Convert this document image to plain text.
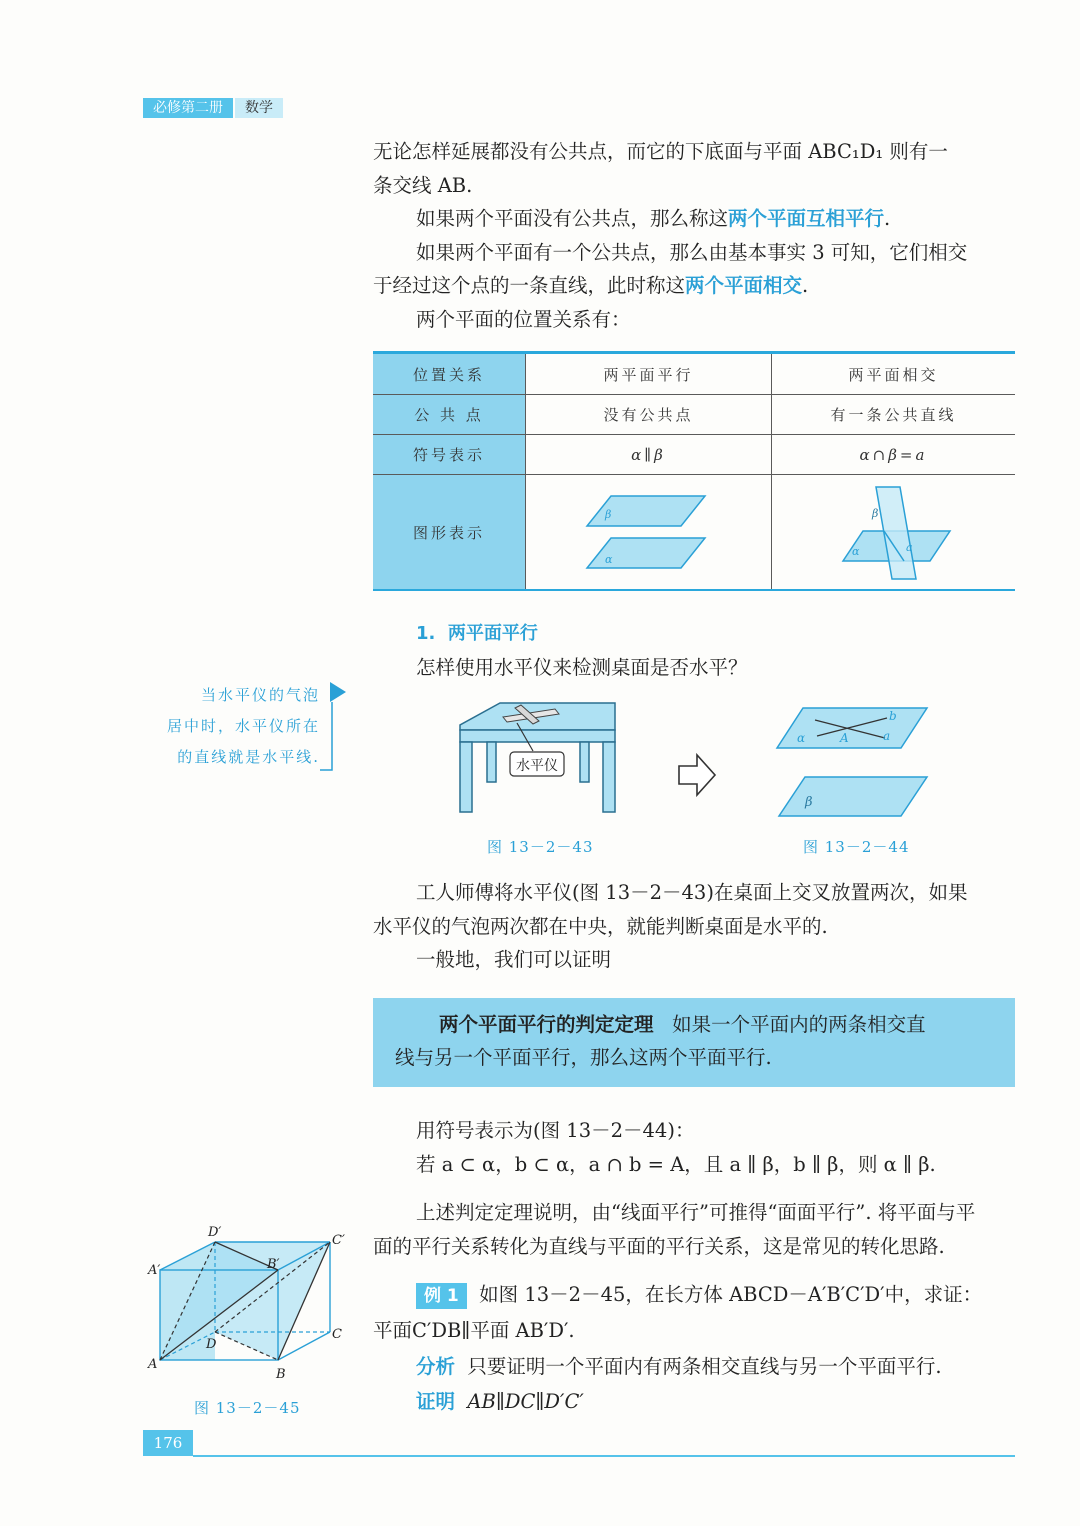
必修第二册	数学
无论怎样延展都没有公共点，而它的下底面与平面 ABC₁D₁ 则有一
条交线 AB.
如果两个平面没有公共点，那么称这两个平面互相平行.
如果两个平面有一个公共点，那么由基本事实 3 可知，它们相交
于经过这个点的一条直线，此时称这两个平面相交.
两个平面的位置关系有：
位置关系	两平面平行	两平面相交
公 共 点	没有公共点	有一条公共直线
符号表示	α∥β	α∩β=a
图形表示
β
α
β
α	a
1. 两平面平行
怎样使用水平仪来检测桌面是否水平？
当水平仪的气泡
居中时，水平仪所在
的直线就是水平线.	水平仪
α	A
b
a
β
图 13－2－43	图 13－2－44
工人师傅将水平仪(图 13－2－43)在桌面上交叉放置两次，如果
水平仪的气泡两次都在中央，就能判断桌面是水平的.
一般地，我们可以证明
两个平面平行的判定定理 如果一个平面内的两条相交直
线与另一个平面平行，那么这两个平面平行.
用符号表示为(图 13－2－44)：
若 a ⊂ α，b ⊂ α，a ∩ b = A，且 a ∥ β，b ∥ β，则 α ∥ β.
上述判定定理说明，由“线面平行”可推得“面面平行”. 将平面与平
面的平行关系转化为直线与平面的平行关系，这是常见的转化思路.
例 1 如图 13－2－45，在长方体 ABCD－A′B′C′D′中，求证：
平面C′DB∥平面 AB′D′.
分析 只要证明一个平面内有两条相交直线与另一个平面平行.
证明 AB∥DC∥D′C′
A′
D′
C′
B′
D
C
A
B
图 13－2－45
176
